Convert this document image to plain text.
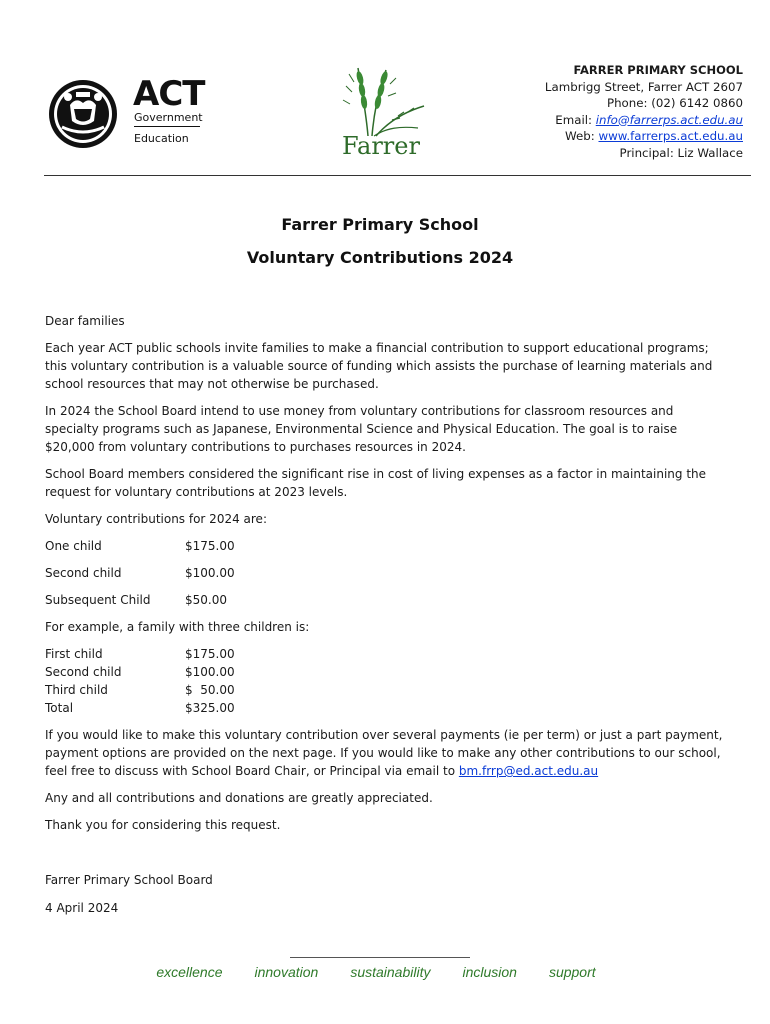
ACT
Government
Education	Farrer
FARRER PRIMARY SCHOOL
Lambrigg Street, Farrer ACT 2607
Phone: (02) 6142 0860
Email: info@farrerps.act.edu.au
Web: www.farrerps.act.edu.au
Principal: Liz Wallace
Farrer Primary School
Voluntary Contributions 2024

Dear families

Each year ACT public schools invite families to make a financial contribution to support educational programs; this voluntary contribution is a valuable source of funding which assists the purchase of learning materials and school resources that may not otherwise be purchased.

In 2024 the School Board intend to use money from voluntary contributions for classroom resources and specialty programs such as Japanese, Environmental Science and Physical Education. The goal is to raise $20,000 from voluntary contributions to purchases resources in 2024.

School Board members considered the significant rise in cost of living expenses as a factor in maintaining the request for voluntary contributions at 2023 levels.

Voluntary contributions for 2024 are:

One child	$175.00
Second child	$100.00
Subsequent Child	$50.00

For example, a family with three children is:

First child	$175.00
Second child	$100.00
Third child	$  50.00
Total	$325.00

If you would like to make this voluntary contribution over several payments (ie per term) or just a part payment, payment options are provided on the next page. If you would like to make any other contributions to our school, feel free to discuss with School Board Chair, or Principal via email to bm.frrp@ed.act.edu.au

Any and all contributions and donations are greatly appreciated.

Thank you for considering this request.

Farrer Primary School Board
4 April 2024
excellence innovation sustainability inclusion support
